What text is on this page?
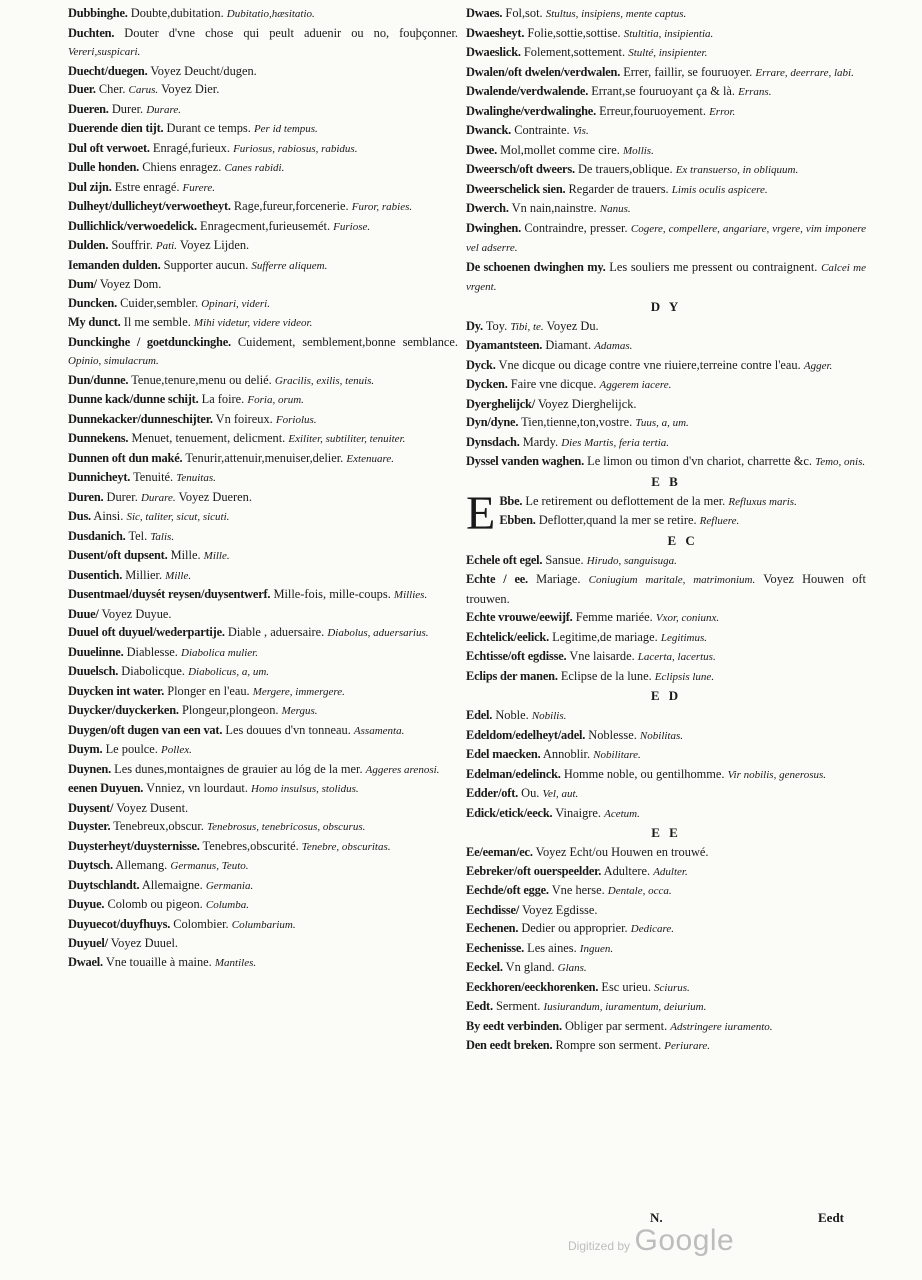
Dubbinghe. Doubte,dubitation. Dubitatio,hæsitatio.

Duchten. Douter d'vne chose qui peult aduenir ou no, fouþçonner. Vereri,suspicari.

Duecht/duegen. Voyez Deucht/dugen.

Duer. Cher. Carus. Voyez Dier.

Dueren. Durer. Durare.

Duerende dien tijt. Durant ce temps. Per id tempus.

Dul oft verwoet. Enragé,furieux. Furiosus, rabiosus, rabidus.

Dulle honden. Chiens enragez. Canes rabidi.

Dul zijn. Estre enragé. Furere.

Dulheyt/dullicheyt/verwoetheyt. Rage,fureur,forcenerie. Furor, rabies.

Dullichlick/verwoedelick. Enragecment,furieusemét. Furiose.

Dulden. Souffrir. Pati. Voyez Lijden.

Iemanden dulden. Supporter aucun. Sufferre aliquem.

Dum/ Voyez Dom.

Duncken. Cuider,sembler. Opinari, videri.

My dunct. Il me semble. Mihi videtur, videre videor.

Dunckinghe / goetdunckinghe. Cuidement, semblement,bonne semblance. Opinio, simulacrum.

Dun/dunne. Tenue,tenure,menu ou delié. Gracilis, exilis, tenuis.

Dunne kack/dunne schijt. La foire. Foria, orum.

Dunnekacker/dunneschijter. Vn foireux. Foriolus.

Dunnekens. Menuet, tenuement, delicment. Exiliter, subtiliter, tenuiter.

Dunnen oft dun maké. Tenurir,attenuir,menuiser,delier. Extenuare.

Dunnicheyt. Tenuité. Tenuitas.

Duren. Durer. Durare. Voyez Dueren.

Dus. Ainsi. Sic, taliter, sicut, sicuti.

Dusdanich. Tel. Talis.

Dusent/oft dupsent. Mille. Mille.

Dusentich. Millier. Mille.

Dusentmael/duysét reysen/duysentwerf. Mille-fois, mille-coups. Millies.

Duue/ Voyez Duyue.

Duuel oft duyuel/wederpartije. Diable , aduersaire. Diabolus, aduersarius.

Duuelinne. Diablesse. Diabolica mulier.

Duuelsch. Diabolicque. Diabolicus, a, um.

Duycken int water. Plonger en l'eau. Mergere, immergere.

Duycker/duyckerken. Plongeur,plongeon. Mergus.

Duygen/oft dugen van een vat. Les douues d'vn tonneau. Assamenta.

Duym. Le poulce. Pollex.

Duynen. Les dunes,montaignes de grauier au lóg de la mer. Aggeres arenosi.

eenen Duyuen. Vnniez, vn lourdaut. Homo insulsus, stolidus.

Duysent/ Voyez Dusent.

Duyster. Tenebreux,obscur. Tenebrosus, tenebricosus, obscurus.

Duysterheyt/duysternisse. Tenebres,obscurité. Tenebre, obscuritas.

Duytsch. Allemang. Germanus, Teuto.

Duytschlandt. Allemaigne. Germania.

Duyue. Colomb ou pigeon. Columba.

Duyuecot/duyfhuys. Colombier. Columbarium.

Duyuel/ Voyez Duuel.

Dwael. Vne touaille à maine. Mantiles.

Dwaes. Fol,sot. Stultus, insipiens, mente captus.

Dwaesheyt. Folie,sottie,sottise. Stultitia, insipientia.

Dwaeslick. Folement,sottement. Stulté, insipienter.

Dwalen/oft dwelen/verdwalen. Errer, faillir, se fouruoyer. Errare, deerrare, labi.

Dwalende/verdwalende. Errant,se fouruoyant ça & là. Errans.

Dwalinghe/verdwalinghe. Erreur,fouruoyement. Error.

Dwanck. Contrainte. Vis.

Dwee. Mol,mollet comme cire. Mollis.

Dweersch/oft dweers. De trauers,oblique. Ex transuerso, in obliquum.

Dweerschelick sien. Regarder de trauers. Limis oculis aspicere.

Dwerch. Vn nain,nainstre. Nanus.

Dwinghen. Contraindre, presser. Cogere, compellere, angariare, vrgere, vim imponere vel adserre.

De schoenen dwinghen my. Les souliers me pressent ou contraignent. Calcei me vrgent.

D Y

Dy. Toy. Tibi, te. Voyez Du.

Dyamantsteen. Diamant. Adamas.

Dyck. Vne dicque ou dicage contre vne riuiere,terreine contre l'eau. Agger.

Dycken. Faire vne dicque. Aggerem iacere.

Dyerghelijck/ Voyez Dierghelijck.

Dyn/dyne. Tien,tienne,ton,vostre. Tuus, a, um.

Dynsdach. Mardy. Dies Martis, feria tertia.

Dyssel vanden waghen. Le limon ou timon d'vn chariot, charrette &c. Temo, onis.

E B

E Bbe. Le retirement ou deflottement de la mer. Refluxus maris.

Ebben. Deflotter,quand la mer se retire. Refluere.

E C

Echele oft egel. Sansue. Hirudo, sanguisuga.

Echte / ee. Mariage. Coniugium maritale, matrimonium. Voyez Houwen oft trouwen.

Echte vrouwe/eewijf. Femme mariée. Vxor, coniunx.

Echtelick/eelick. Legitime,de mariage. Legitimus.

Echtisse/oft egdisse. Vne laisarde. Lacerta, lacertus.

Eclips der manen. Eclipse de la lune. Eclipsis lune.

E D

Edel. Noble. Nobilis.

Edeldom/edelheyt/adel. Noblesse. Nobilitas.

Edel maecken. Annoblir. Nobilitare.

Edelman/edelinck. Homme noble, ou gentilhomme. Vir nobilis, generosus.

Edder/oft. Ou. Vel, aut.

Edick/etick/eeck. Vinaigre. Acetum.

E E

Ee/eeman/ec. Voyez Echt/ou Houwen en trouwé.

Eebreker/oft ouerspeelder. Adultere. Adulter.

Eechde/oft egge. Vne herse. Dentale, occa.

Eechdisse/ Voyez Egdisse.

Eechenen. Dedier ou approprier. Dedicare.

Eechenisse. Les aines. Inguen.

Eeckel. Vn gland. Glans.

Eeckhoren/eeckhorenken. Esc urieu. Sciurus.

Eedt. Serment. Iusiurandum, iuramentum, deiurium.

By eedt verbinden. Obliger par serment. Adstringere iuramento.

Den eedt breken. Rompre son serment. Periurare.

N.	Eedt
Digitized by Google
